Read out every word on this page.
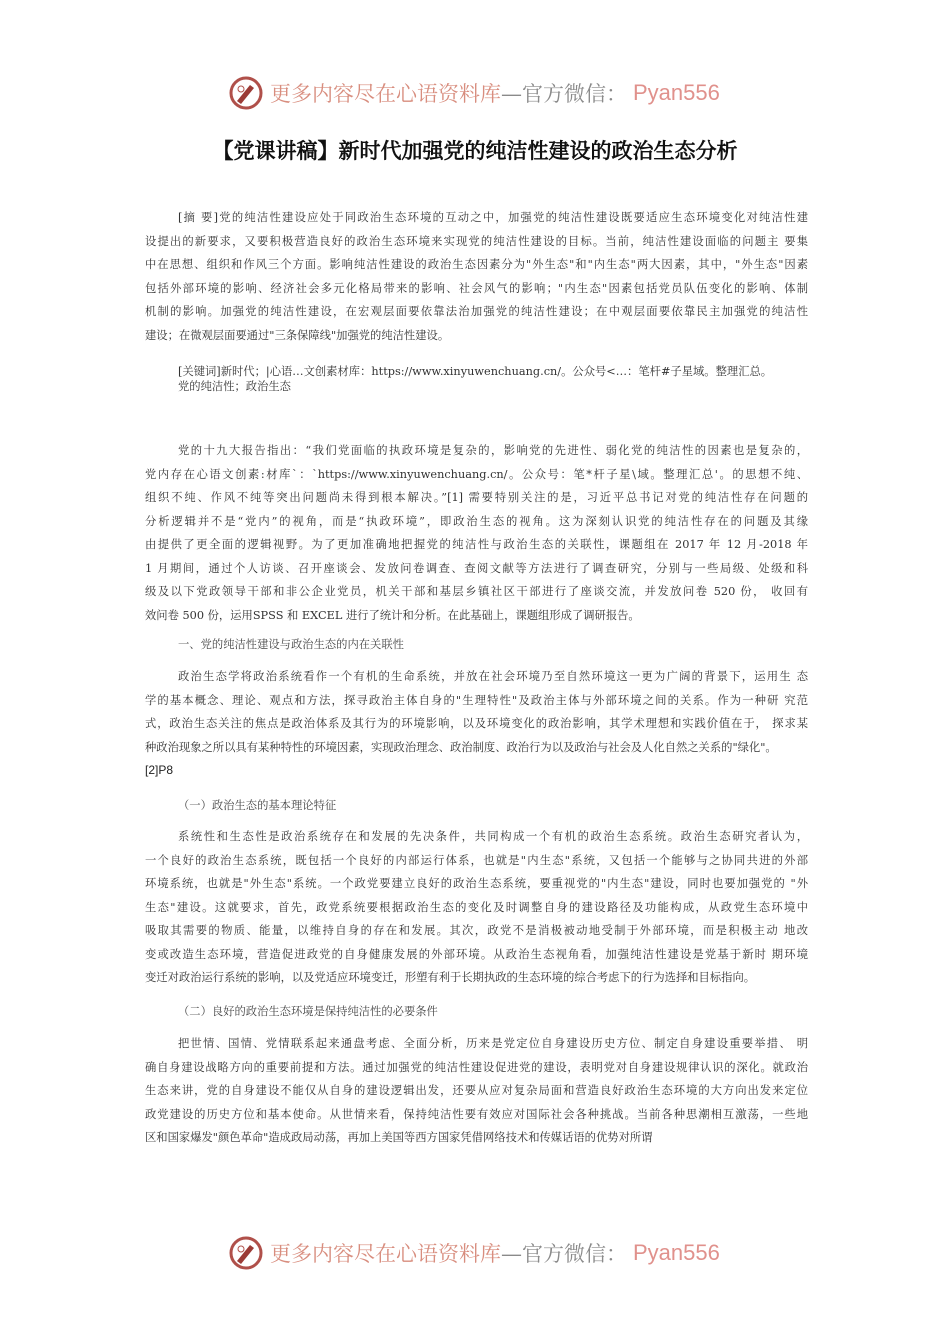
更多内容尽在心语资料库 —官方微信： Pyan556
【党课讲稿】新时代加强党的纯洁性建设的政治生态分析
[摘 要]党的纯洁性建设应处于同政治生态环境的互动之中，加强党的纯洁性建设既要适应生态环境变化对纯洁性建
设提出的新要求，又要积极营造良好的政治生态环境来实现党的纯洁性建设的目标。当前，纯洁性建设面临的问题主 要集
中在思想、组织和作风三个方面。影响纯洁性建设的政治生态因素分为"外生态"和"内生态"两大因素，其中，"外生态"因素
包括外部环境的影响、经济社会多元化格局带来的影响、社会风气的影响；"内生态"因素包括党员队伍变化的影响、体制
机制的影响。加强党的纯洁性建设，在宏观层面要依靠法治加强党的纯洁性建设；在中观层面要依靠民主加强党的纯洁性
建设；在微观层面要通过"三条保障线"加强党的纯洁性建设。
[关键词]新时代；|心语…文创素材库：https://www.xinyuwenchuang.cn/。公众号<…：笔杆#子星域。整理汇总。
党的纯洁性；政治生态
党的十九大报告指出：“我们党面临的执政环境是复杂的，影响党的先进性、弱化党的纯洁性的因素也是复杂的，
党内存在心语文创素:材库`：`https://www.xinyuwenchuang.cn/。公众号：笔*杆子星\域。整理汇总'。的思想不纯、
组织不纯、作风不纯等突出问题尚未得到根本解决。”[1] 需要特别关注的是，习近平总书记对党的纯洁性存在问题的
分析逻辑并不是“党内”的视角，而是“执政环境”，即政治生态的视角。这为深刻认识党的纯洁性存在的问题及其缘
由提供了更全面的逻辑视野。为了更加准确地把握党的纯洁性与政治生态的关联性，课题组在 2017 年 12 月-2018 年
1 月期间，通过个人访谈、召开座谈会、发放问卷调查、查阅文献等方法进行了调查研究，分别与一些局级、处级和科
级及以下党政领导干部和非公企业党员，机关干部和基层乡镇社区干部进行了座谈交流，并发放问卷 520 份， 收回有
效问卷 500 份，运用SPSS 和 EXCEL 进行了统计和分析。在此基础上，课题组形成了调研报告。
一、党的纯洁性建设与政治生态的内在关联性
政治生态学将政治系统看作一个有机的生命系统，并放在社会环境乃至自然环境这一更为广阔的背景下，运用生 态
学的基本概念、理论、观点和方法，探寻政治主体自身的"生理特性"及政治主体与外部环境之间的关系。作为一种研 究范
式，政治生态关注的焦点是政治体系及其行为的环境影响，以及环境变化的政治影响，其学术理想和实践价值在于， 探求某
种政治现象之所以具有某种特性的环境因素，实现政治理念、政治制度、政治行为以及政治与社会及人化自然之关系的"绿化"。
[2]P8
（一）政治生态的基本理论特征
系统性和生态性是政治系统存在和发展的先决条件，共同构成一个有机的政治生态系统。政治生态研究者认为，
一个良好的政治生态系统，既包括一个良好的内部运行体系，也就是"内生态"系统，又包括一个能够与之协同共进的外部
环境系统，也就是"外生态"系统。一个政党要建立良好的政治生态系统，要重视党的"内生态"建设，同时也要加强党的 "外
生态"建设。这就要求，首先，政党系统要根据政治生态的变化及时调整自身的建设路径及功能构成，从政党生态环境中
吸取其需要的物质、能量，以维持自身的存在和发展。其次，政党不是消极被动地受制于外部环境，而是积极主动 地改
变或改造生态环境，营造促进政党的自身健康发展的外部环境。从政治生态视角看，加强纯洁性建设是党基于新时 期环境
变迁对政治运行系统的影响，以及党适应环境变迁，形塑有利于长期执政的生态环境的综合考虑下的行为选择和目标指向。
（二）良好的政治生态环境是保持纯洁性的必要条件
把世情、国情、党情联系起来通盘考虑、全面分析，历来是党定位自身建设历史方位、制定自身建设重要举措、 明
确自身建设战略方向的重要前提和方法。通过加强党的纯洁性建设促进党的建设，表明党对自身建设规律认识的深化。就政治
生态来讲，党的自身建设不能仅从自身的建设逻辑出发，还要从应对复杂局面和营造良好政治生态环境的大方向出发来定位
政党建设的历史方位和基本使命。从世情来看，保持纯洁性要有效应对国际社会各种挑战。当前各种思潮相互激荡，一些地
区和国家爆发"颜色革命"造成政局动荡，再加上美国等西方国家凭借网络技术和传媒话语的优势对所谓
更多内容尽在心语资料库 —官方微信： Pyan556
